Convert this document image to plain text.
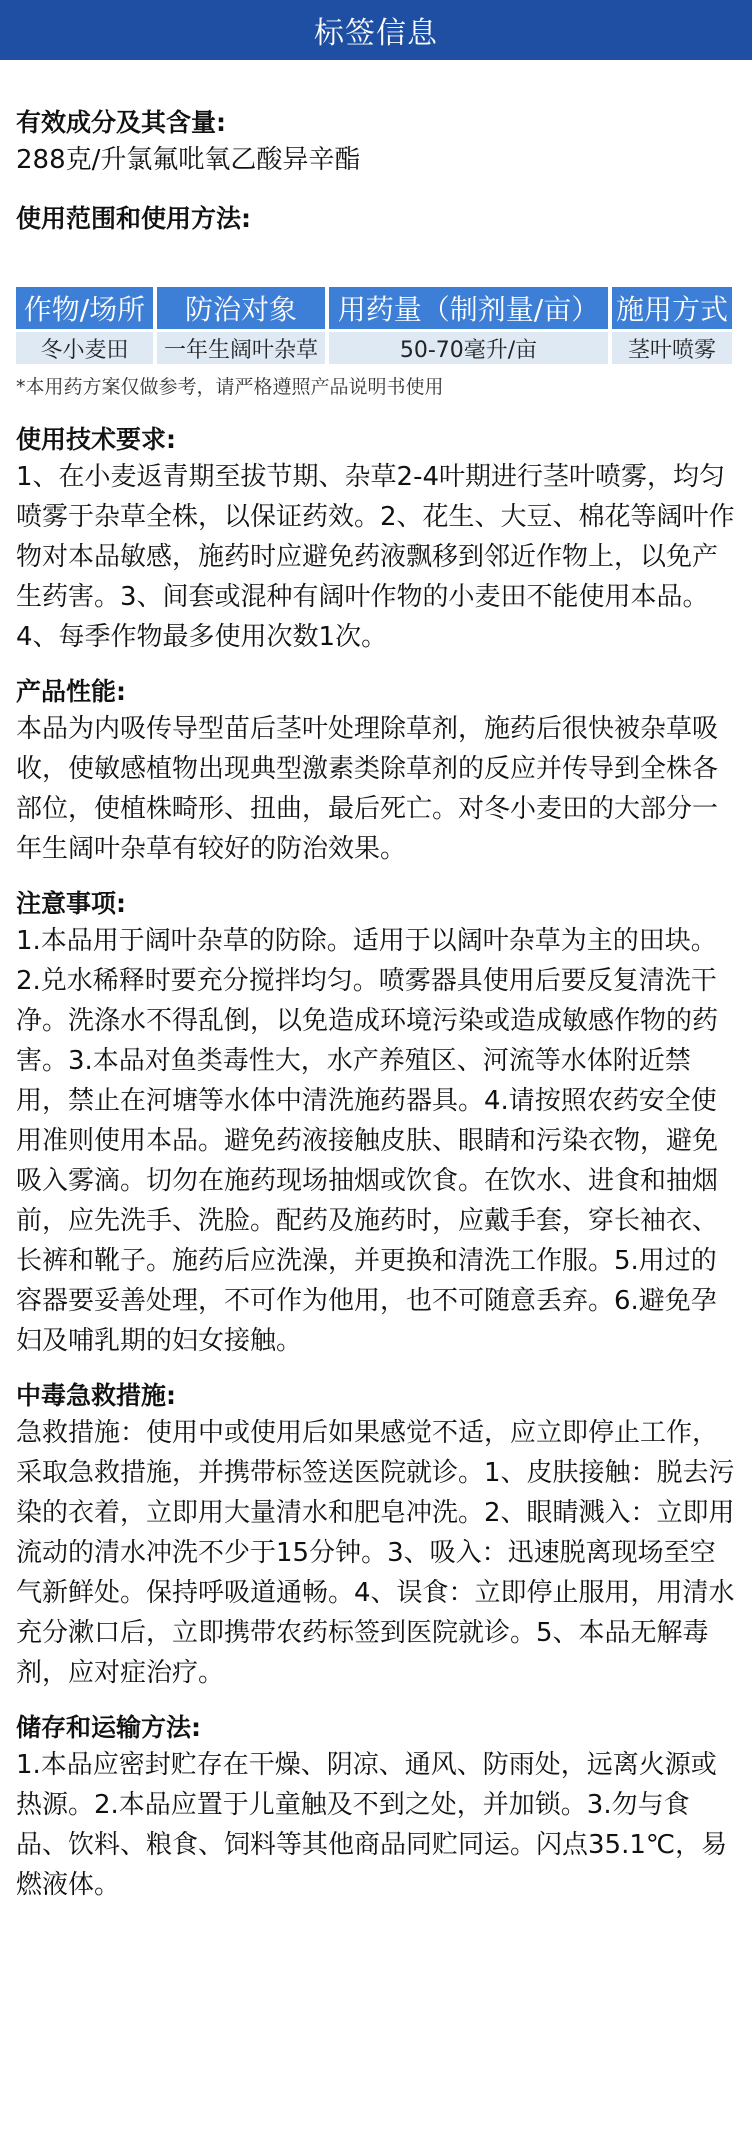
标签信息

有效成分及其含量:

288克/升氯氟吡氧乙酸异辛酯

使用范围和使用方法:

作物/场所	防治对象	用药量（制剂量/亩）	施用方式
冬小麦田	一年生阔叶杂草	50-70毫升/亩	茎叶喷雾

*本用药方案仅做参考，请严格遵照产品说明书使用

使用技术要求:

1、在小麦返青期至拔节期、杂草2-4叶期进行茎叶喷雾，均匀喷雾于杂草全株，以保证药效。2、花生、大豆、棉花等阔叶作物对本品敏感，施药时应避免药液飘移到邻近作物上，以免产生药害。3、间套或混种有阔叶作物的小麦田不能使用本品。4、每季作物最多使用次数1次。

产品性能:

本品为内吸传导型苗后茎叶处理除草剂，施药后很快被杂草吸收，使敏感植物出现典型激素类除草剂的反应并传导到全株各部位，使植株畸形、扭曲，最后死亡。对冬小麦田的大部分一年生阔叶杂草有较好的防治效果。

注意事项:

1.本品用于阔叶杂草的防除。适用于以阔叶杂草为主的田块。2.兑水稀释时要充分搅拌均匀。喷雾器具使用后要反复清洗干净。洗涤水不得乱倒，以免造成环境污染或造成敏感作物的药害。3.本品对鱼类毒性大，水产养殖区、河流等水体附近禁用，禁止在河塘等水体中清洗施药器具。4.请按照农药安全使用准则使用本品。避免药液接触皮肤、眼睛和污染衣物，避免吸入雾滴。切勿在施药现场抽烟或饮食。在饮水、进食和抽烟前，应先洗手、洗脸。配药及施药时，应戴手套，穿长袖衣、长裤和靴子。施药后应洗澡，并更换和清洗工作服。5.用过的容器要妥善处理，不可作为他用，也不可随意丢弃。6.避免孕妇及哺乳期的妇女接触。

中毒急救措施:

急救措施：使用中或使用后如果感觉不适，应立即停止工作，采取急救措施，并携带标签送医院就诊。1、皮肤接触：脱去污染的衣着，立即用大量清水和肥皂冲洗。2、眼睛溅入：立即用流动的清水冲洗不少于15分钟。3、吸入：迅速脱离现场至空气新鲜处。保持呼吸道通畅。4、误食：立即停止服用，用清水充分漱口后，立即携带农药标签到医院就诊。5、本品无解毒剂，应对症治疗。

储存和运输方法:

1.本品应密封贮存在干燥、阴凉、通风、防雨处，远离火源或热源。2.本品应置于儿童触及不到之处，并加锁。3.勿与食品、饮料、粮食、饲料等其他商品同贮同运。闪点35.1℃，易燃液体。
